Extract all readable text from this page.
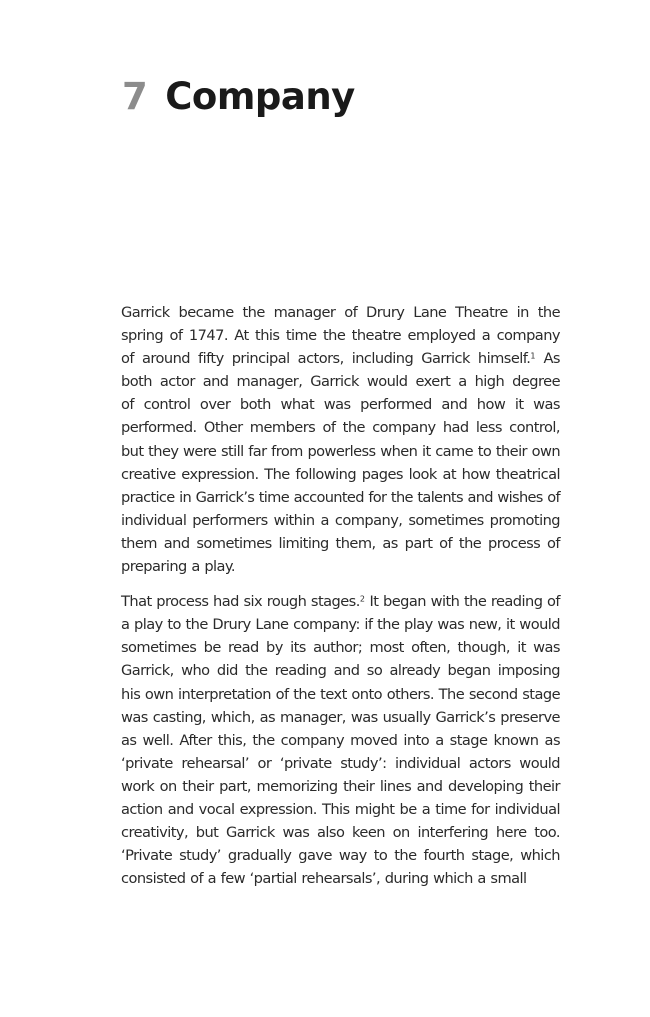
7 Company

Garrick became the manager of Drury Lane Theatre in the
spring of 1747. At this time the theatre employed a company
of around fifty principal actors, including Garrick himself.$^1$ As
both actor and manager, Garrick would exert a high degree
of control over both what was performed and how it was
performed. Other members of the company had less control,
but they were still far from powerless when it came to their own
creative expression. The following pages look at how theatrical
practice in Garrick’s time accounted for the talents and wishes of
individual performers within a company, sometimes promoting
them and sometimes limiting them, as part of the process of
preparing a play.

That process had six rough stages.$^2$ It began with the reading of
a play to the Drury Lane company: if the play was new, it would
sometimes be read by its author; most often, though, it was
Garrick, who did the reading and so already began imposing
his own interpretation of the text onto others. The second stage
was casting, which, as manager, was usually Garrick’s preserve
as well. After this, the company moved into a stage known as
‘private rehearsal’ or ‘private study’: individual actors would
work on their part, memorizing their lines and developing their
action and vocal expression. This might be a time for individual
creativity, but Garrick was also keen on interfering here too.
‘Private study’ gradually gave way to the fourth stage, which
consisted of a few ‘partial rehearsals’, during which a small
